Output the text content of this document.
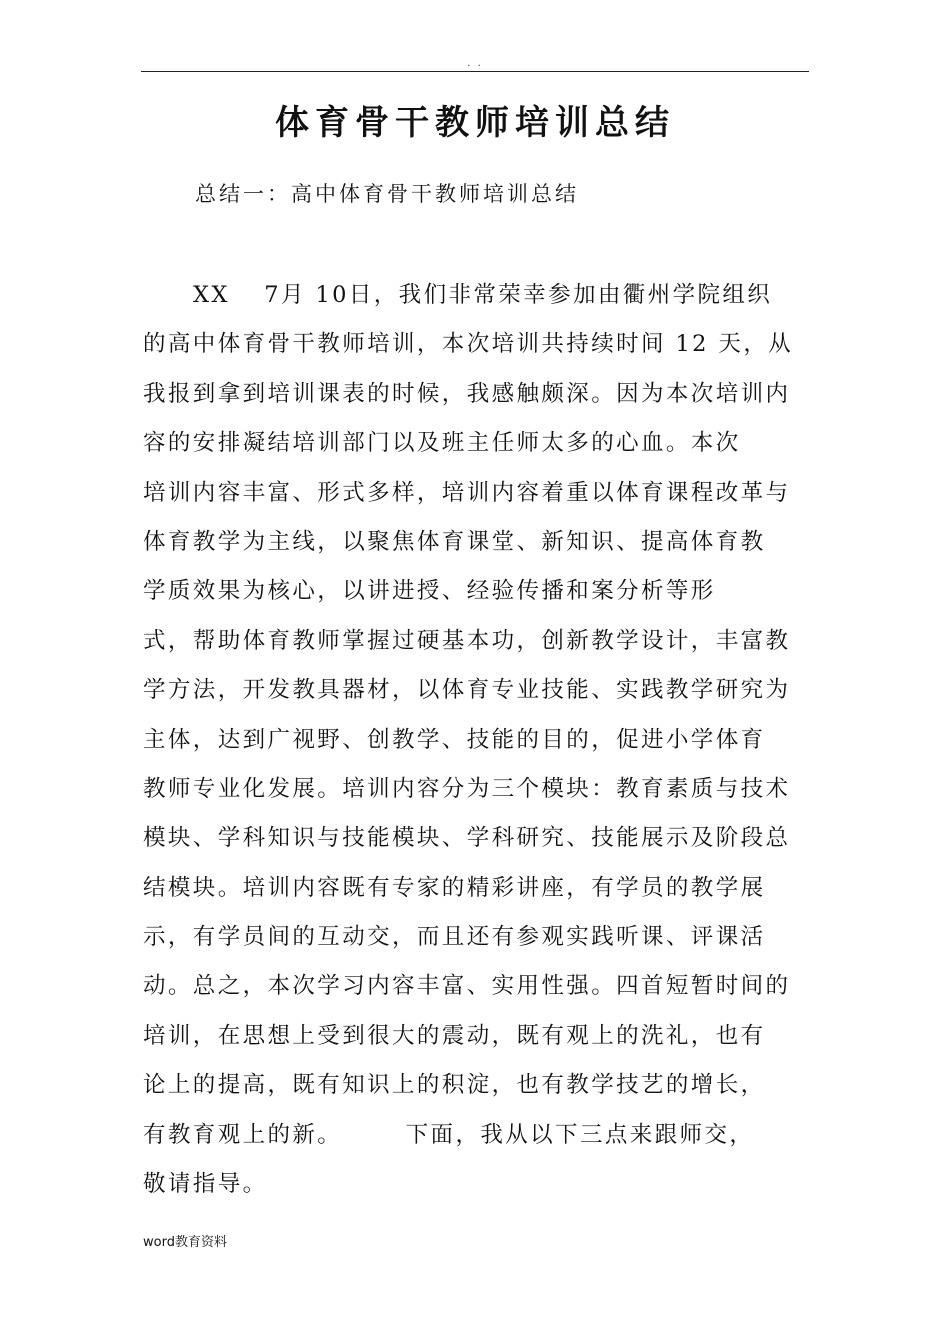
. .
体育骨干教师培训总结
总结一：高中体育骨干教师培训总结
XX　 7月 10日，我们非常荣幸参加由衢州学院组织
的高中体育骨干教师培训，本次培训共持续时间 12 天，从
我报到拿到培训课表的时候，我感触颇深。因为本次培训内
容的安排凝结培训部门以及班主任师太多的心血。本次
培训内容丰富、形式多样，培训内容着重以体育课程改革与
体育教学为主线，以聚焦体育课堂、新知识、提高体育教
学质效果为核心，以讲进授、经验传播和案分析等形
式，帮助体育教师掌握过硬基本功，创新教学设计，丰富教
学方法，开发教具器材，以体育专业技能、实践教学研究为
主体，达到广视野、创教学、技能的目的，促进小学体育
教师专业化发展。培训内容分为三个模块：教育素质与技术
模块、学科知识与技能模块、学科研究、技能展示及阶段总
结模块。培训内容既有专家的精彩讲座，有学员的教学展
示，有学员间的互动交，而且还有参观实践听课、评课活
动。总之，本次学习内容丰富、实用性强。四首短暂时间的
培训，在思想上受到很大的震动，既有观上的洗礼，也有
论上的提高，既有知识上的积淀，也有教学技艺的增长，
有教育观上的新。　　　下面，我从以下三点来跟师交，
敬请指导。
word教育资料
